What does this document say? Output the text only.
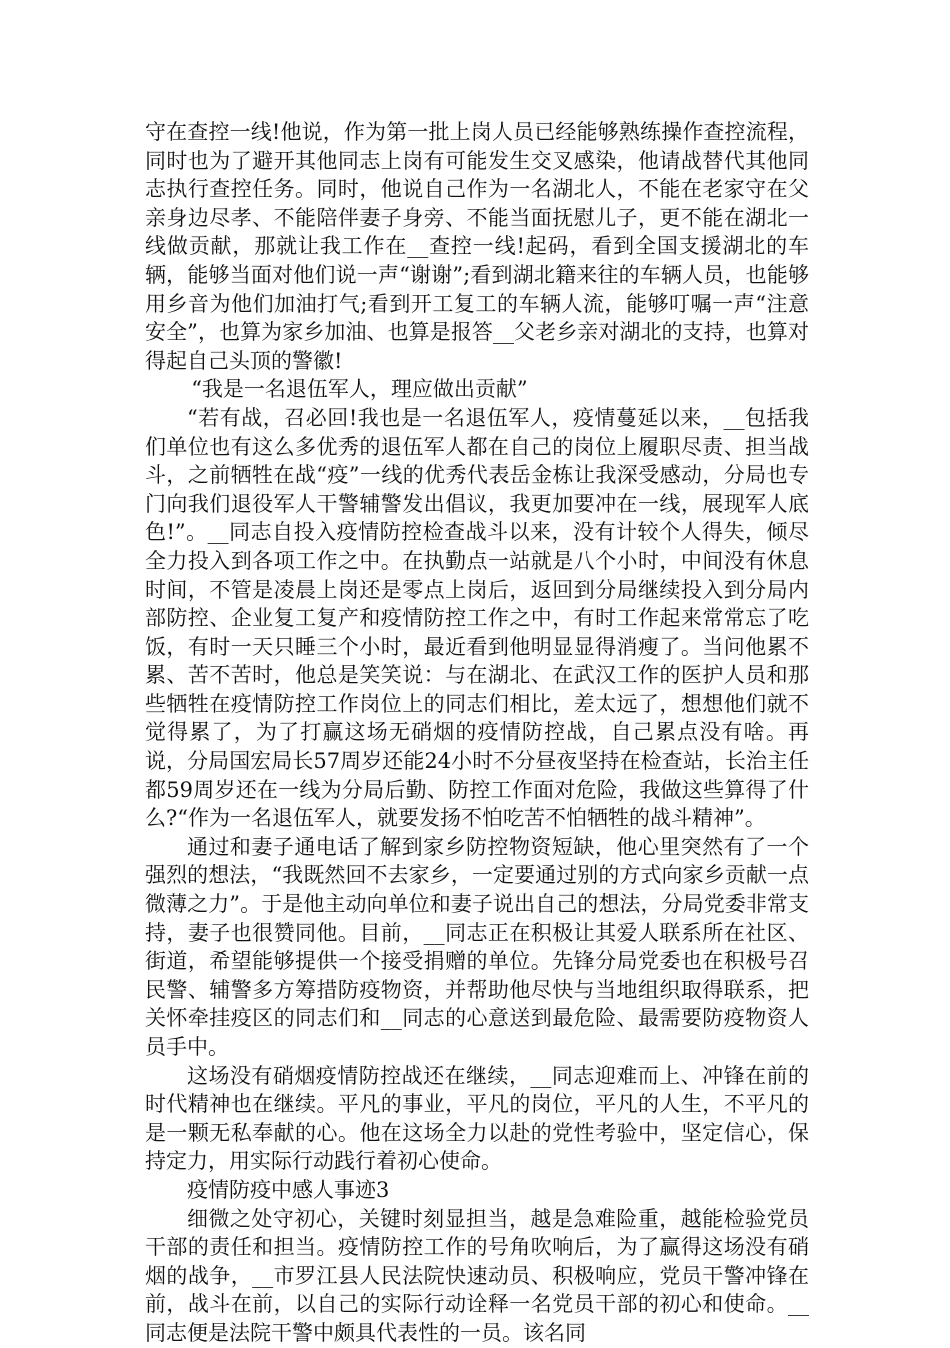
守在查控一线!他说，作为第一批上岗人员已经能够熟练操作查控流程，同时也为了避开其他同志上岗有可能发生交叉感染，他请战替代其他同志执行查控任务。同时，他说自己作为一名湖北人，不能在老家守在父亲身边尽孝、不能陪伴妻子身旁、不能当面抚慰儿子，更不能在湖北一线做贡献，那就让我工作在__查控一线!起码，看到全国支援湖北的车辆，能够当面对他们说一声“谢谢”;看到湖北籍来往的车辆人员，也能够用乡音为他们加油打气;看到开工复工的车辆人流，能够叮嘱一声“注意安全”，也算为家乡加油、也算是报答__父老乡亲对湖北的支持，也算对得起自己头顶的警徽!

“我是一名退伍军人，理应做出贡献”

“若有战，召必回!我也是一名退伍军人，疫情蔓延以来，__包括我们单位也有这么多优秀的退伍军人都在自己的岗位上履职尽责、担当战斗，之前牺牲在战“疫”一线的优秀代表岳金栋让我深受感动，分局也专门向我们退役军人干警辅警发出倡议，我更加要冲在一线，展现军人底色!”。__同志自投入疫情防控检查战斗以来，没有计较个人得失，倾尽全力投入到各项工作之中。在执勤点一站就是八个小时，中间没有休息时间，不管是凌晨上岗还是零点上岗后，返回到分局继续投入到分局内部防控、企业复工复产和疫情防控工作之中，有时工作起来常常忘了吃饭，有时一天只睡三个小时，最近看到他明显显得消瘦了。当问他累不累、苦不苦时，他总是笑笑说：与在湖北、在武汉工作的医护人员和那些牺牲在疫情防控工作岗位上的同志们相比，差太远了，想想他们就不觉得累了，为了打赢这场无硝烟的疫情防控战，自己累点没有啥。再说，分局国宏局长57周岁还能24小时不分昼夜坚持在检查站，长治主任都59周岁还在一线为分局后勤、防控工作面对危险，我做这些算得了什么?“作为一名退伍军人，就要发扬不怕吃苦不怕牺牲的战斗精神”。

通过和妻子通电话了解到家乡防控物资短缺，他心里突然有了一个强烈的想法，“我既然回不去家乡，一定要通过别的方式向家乡贡献一点微薄之力”。于是他主动向单位和妻子说出自己的想法，分局党委非常支持，妻子也很赞同他。目前，__同志正在积极让其爱人联系所在社区、街道，希望能够提供一个接受捐赠的单位。先锋分局党委也在积极号召民警、辅警多方筹措防疫物资，并帮助他尽快与当地组织取得联系，把关怀牵挂疫区的同志们和__同志的心意送到最危险、最需要防疫物资人员手中。

这场没有硝烟疫情防控战还在继续，__同志迎难而上、冲锋在前的时代精神也在继续。平凡的事业，平凡的岗位，平凡的人生，不平凡的是一颗无私奉献的心。他在这场全力以赴的党性考验中，坚定信心，保持定力，用实际行动践行着初心使命。

疫情防疫中感人事迹3

细微之处守初心，关键时刻显担当，越是急难险重，越能检验党员干部的责任和担当。疫情防控工作的号角吹响后，为了赢得这场没有硝烟的战争，__市罗江县人民法院快速动员、积极响应，党员干警冲锋在前，战斗在前，以自己的实际行动诠释一名党员干部的初心和使命。__同志便是法院干警中颇具代表性的一员。该名同
